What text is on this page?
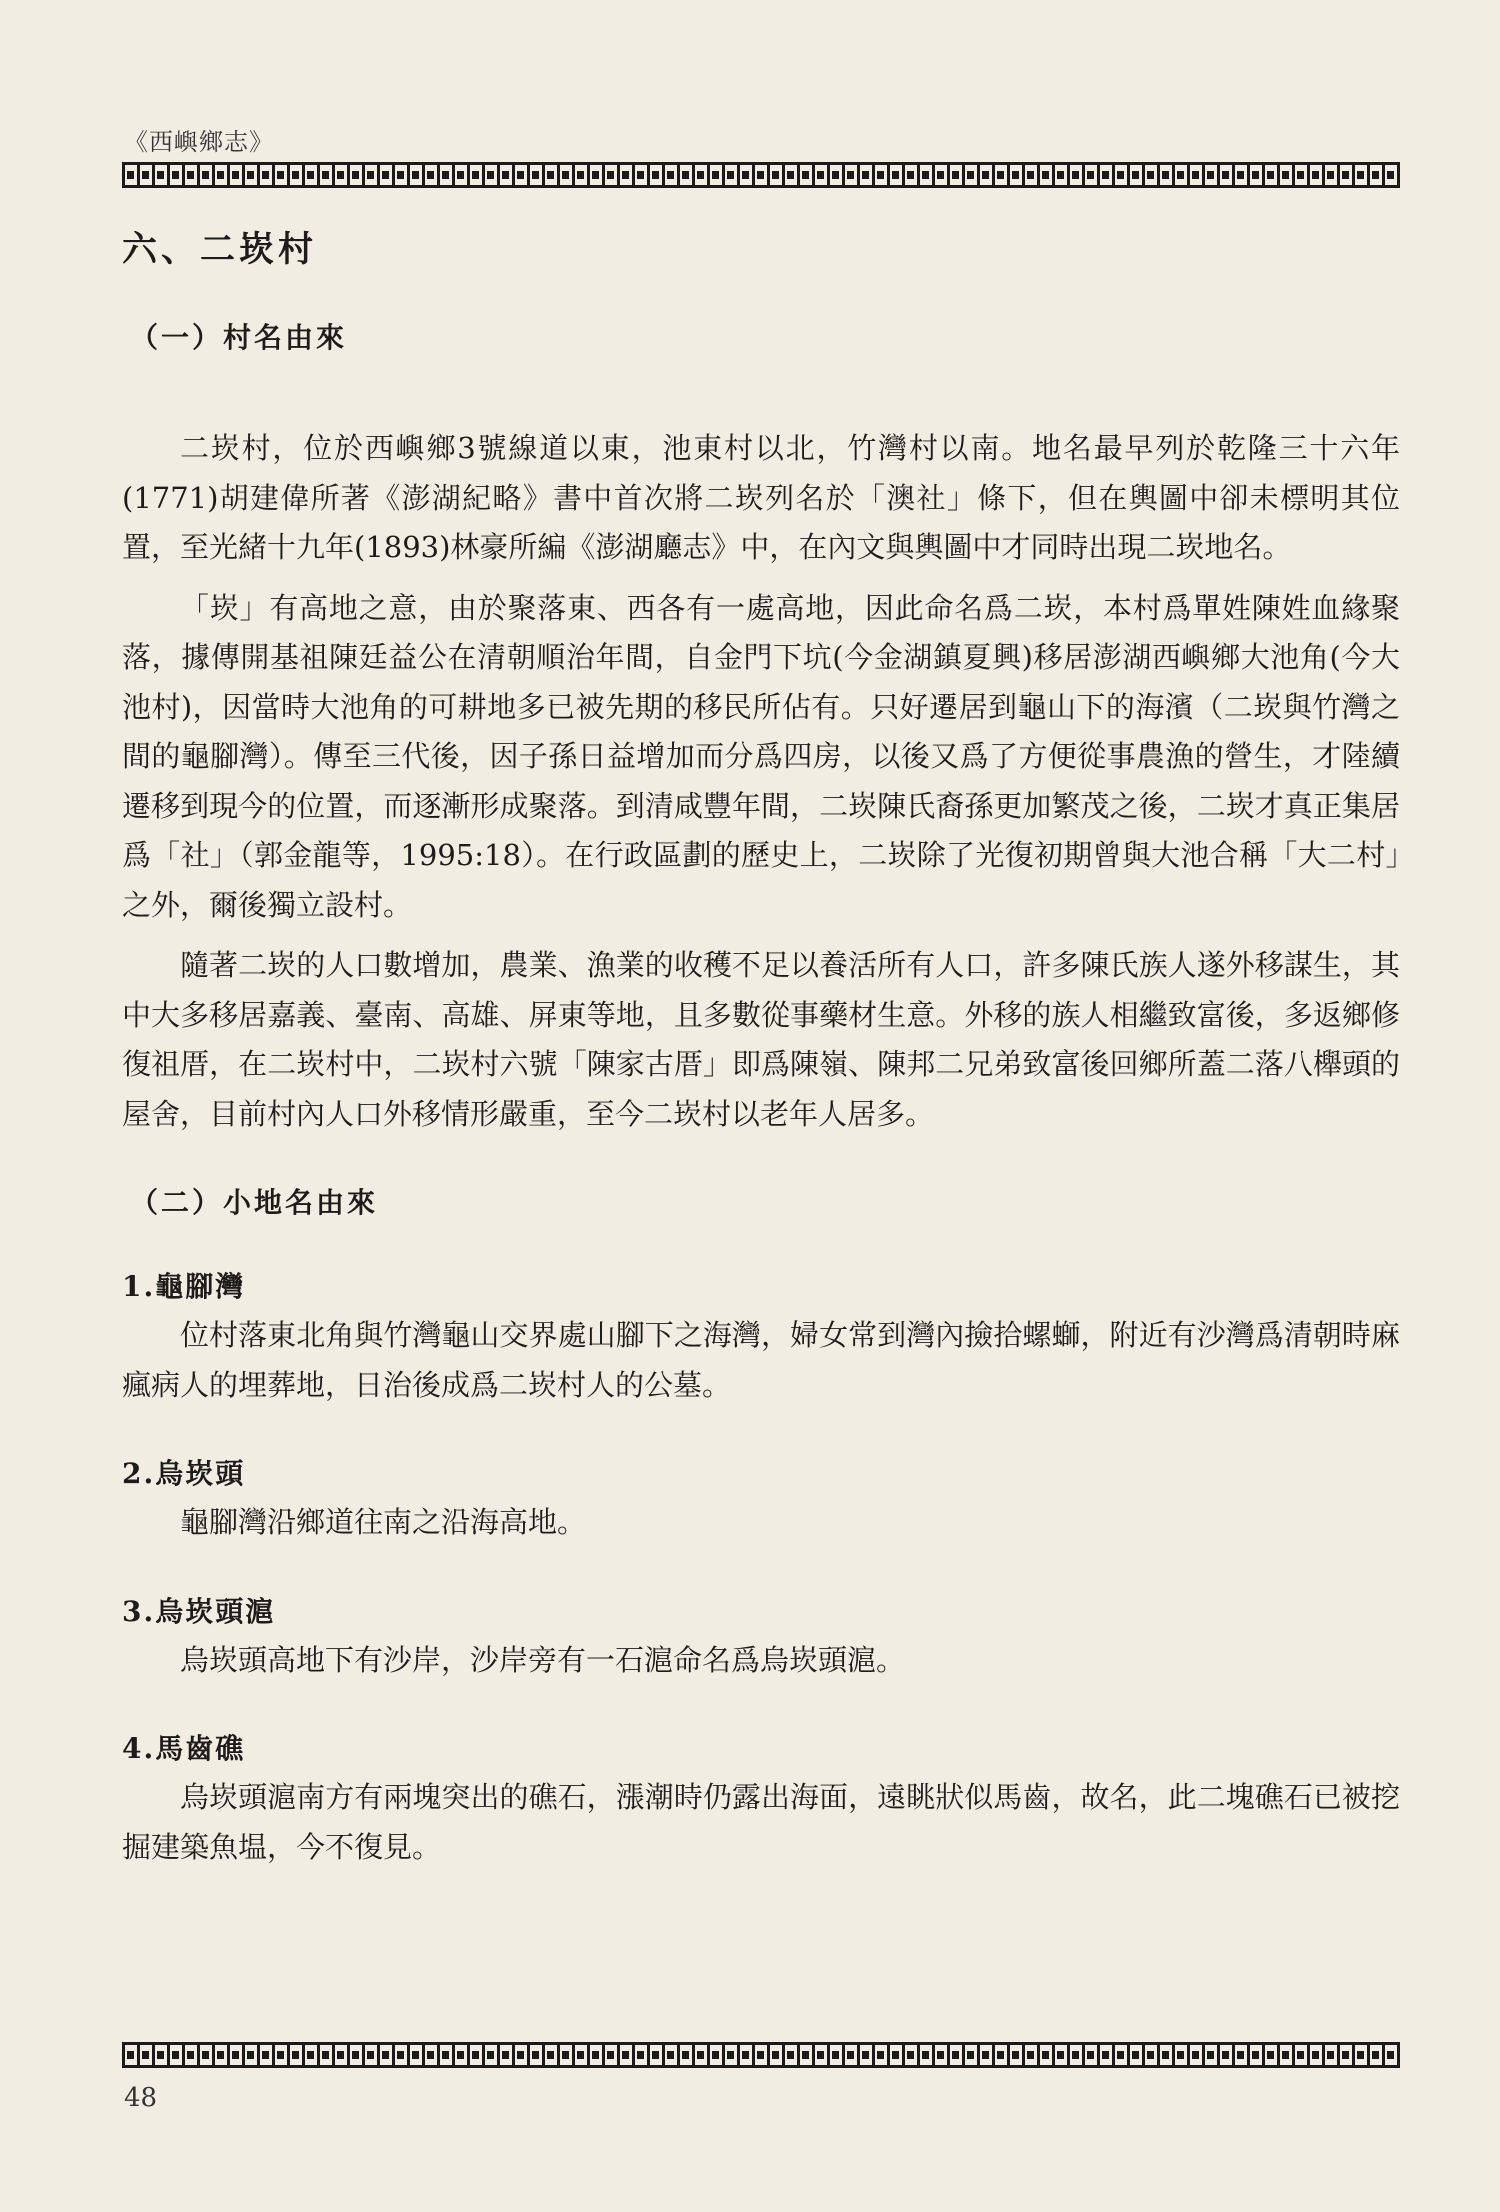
《西嶼鄉志》
六、二崁村
（一）村名由來

二崁村，位於西嶼鄉3號線道以東，池東村以北，竹灣村以南。地名最早列於乾隆三十六年(1771)胡建偉所著《澎湖紀略》書中首次將二崁列名於「澳社」條下，但在輿圖中卻未標明其位置，至光緒十九年(1893)林豪所編《澎湖廳志》中，在內文與輿圖中才同時出現二崁地名。

「崁」有高地之意，由於聚落東、西各有一處高地，因此命名爲二崁，本村爲單姓陳姓血緣聚落，據傳開基祖陳廷益公在清朝順治年間，自金門下坑(今金湖鎮夏興)移居澎湖西嶼鄉大池角(今大池村)，因當時大池角的可耕地多已被先期的移民所佔有。只好遷居到龜山下的海濱（二崁與竹灣之間的龜腳灣）。傳至三代後，因子孫日益增加而分爲四房，以後又爲了方便從事農漁的營生，才陸續遷移到現今的位置，而逐漸形成聚落。到清咸豐年間，二崁陳氏裔孫更加繁茂之後，二崁才真正集居爲「社」（郭金龍等，1995:18）。在行政區劃的歷史上，二崁除了光復初期曾與大池合稱「大二村」之外，爾後獨立設村。

隨著二崁的人口數增加，農業、漁業的收穫不足以養活所有人口，許多陳氏族人遂外移謀生，其中大多移居嘉義、臺南、高雄、屏東等地，且多數從事藥材生意。外移的族人相繼致富後，多返鄉修復祖厝，在二崁村中，二崁村六號「陳家古厝」即爲陳嶺、陳邦二兄弟致富後回鄉所蓋二落八櫸頭的屋舍，目前村內人口外移情形嚴重，至今二崁村以老年人居多。

（二）小地名由來

1.龜腳灣

位村落東北角與竹灣龜山交界處山腳下之海灣，婦女常到灣內撿拾螺螄，附近有沙灣爲清朝時麻瘋病人的埋葬地，日治後成爲二崁村人的公墓。

2.烏崁頭

龜腳灣沿鄉道往南之沿海高地。

3.烏崁頭滬

烏崁頭高地下有沙岸，沙岸旁有一石滬命名爲烏崁頭滬。

4.馬齒礁

烏崁頭滬南方有兩塊突出的礁石，漲潮時仍露出海面，遠眺狀似馬齒，故名，此二塊礁石已被挖掘建築魚塭，今不復見。

48
